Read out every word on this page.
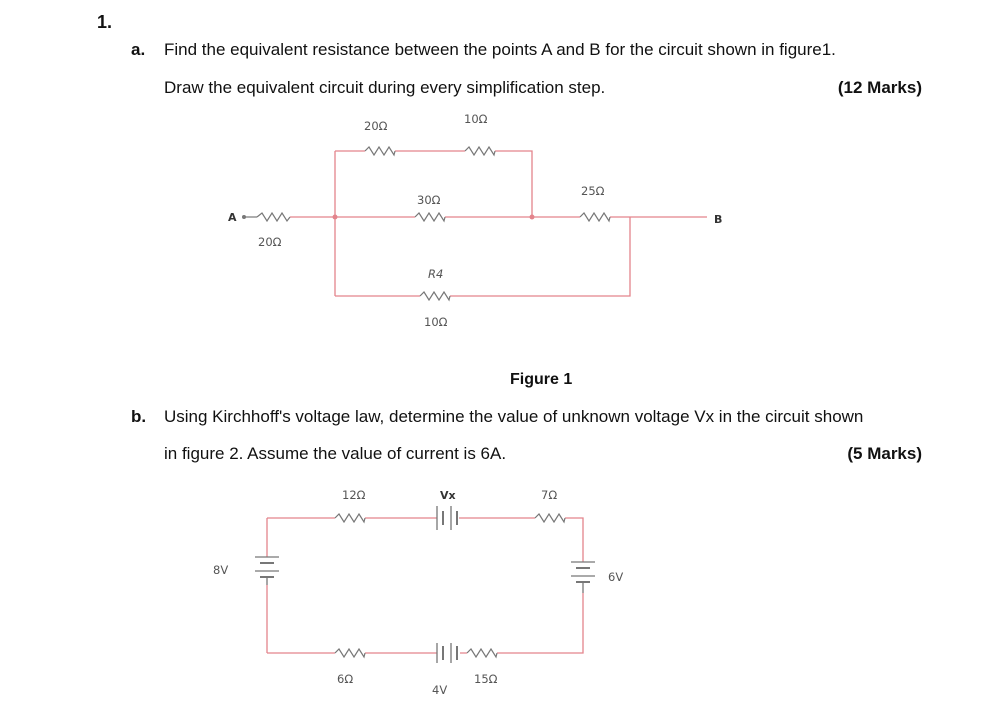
1.
a. Find the equivalent resistance between the points A and B for the circuit shown in figure1.
Draw the equivalent circuit during every simplification step.	(12 Marks)
Figure 1
b. Using Kirchhoff's voltage law, determine the value of unknown voltage Vx in the circuit shown
in figure 2. Assume the value of current is 6A.	(5 Marks)
A	B
20Ω
20Ω	10Ω
30Ω
25Ω
R4
10Ω
12Ω	Vx	7Ω
8V	6V
6Ω	15Ω
4V
